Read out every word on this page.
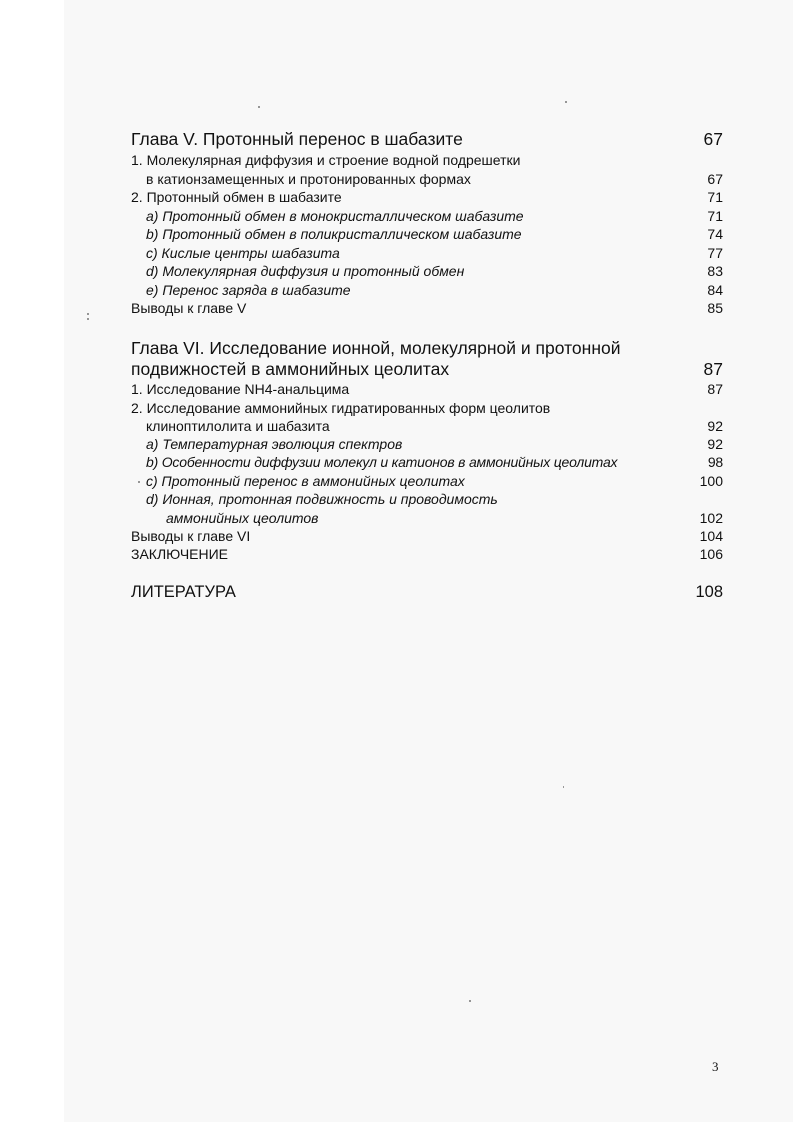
Глава V. Протонный перенос в шабазите	67
1. Молекулярная диффузия и строение водной подрешетки
в катионзамещенных и протонированных формах	67
2. Протонный обмен в шабазите	71
a) Протонный обмен в монокристаллическом шабазите	71
b) Протонный обмен в поликристаллическом шабазите	74
c) Кислые центры шабазита	77
d) Молекулярная диффузия и протонный обмен	83
e) Перенос заряда в шабазите	84
Выводы к главе V	85
Глава VI. Исследование ионной, молекулярной и протонной
подвижностей в аммонийных цеолитах	87
1. Исследование NH4-анальцима	87
2. Исследование аммонийных гидратированных форм цеолитов
клиноптилолита и шабазита	92
a) Температурная эволюция спектров	92
b) Особенности диффузии молекул и катионов в аммонийных цеолитах	98
c) Протонный перенос в аммонийных цеолитах	100
d) Ионная, протонная подвижность и проводимость
аммонийных цеолитов	102
Выводы к главе VI	104
ЗАКЛЮЧЕНИЕ	106
ЛИТЕРАТУРА	108
3
